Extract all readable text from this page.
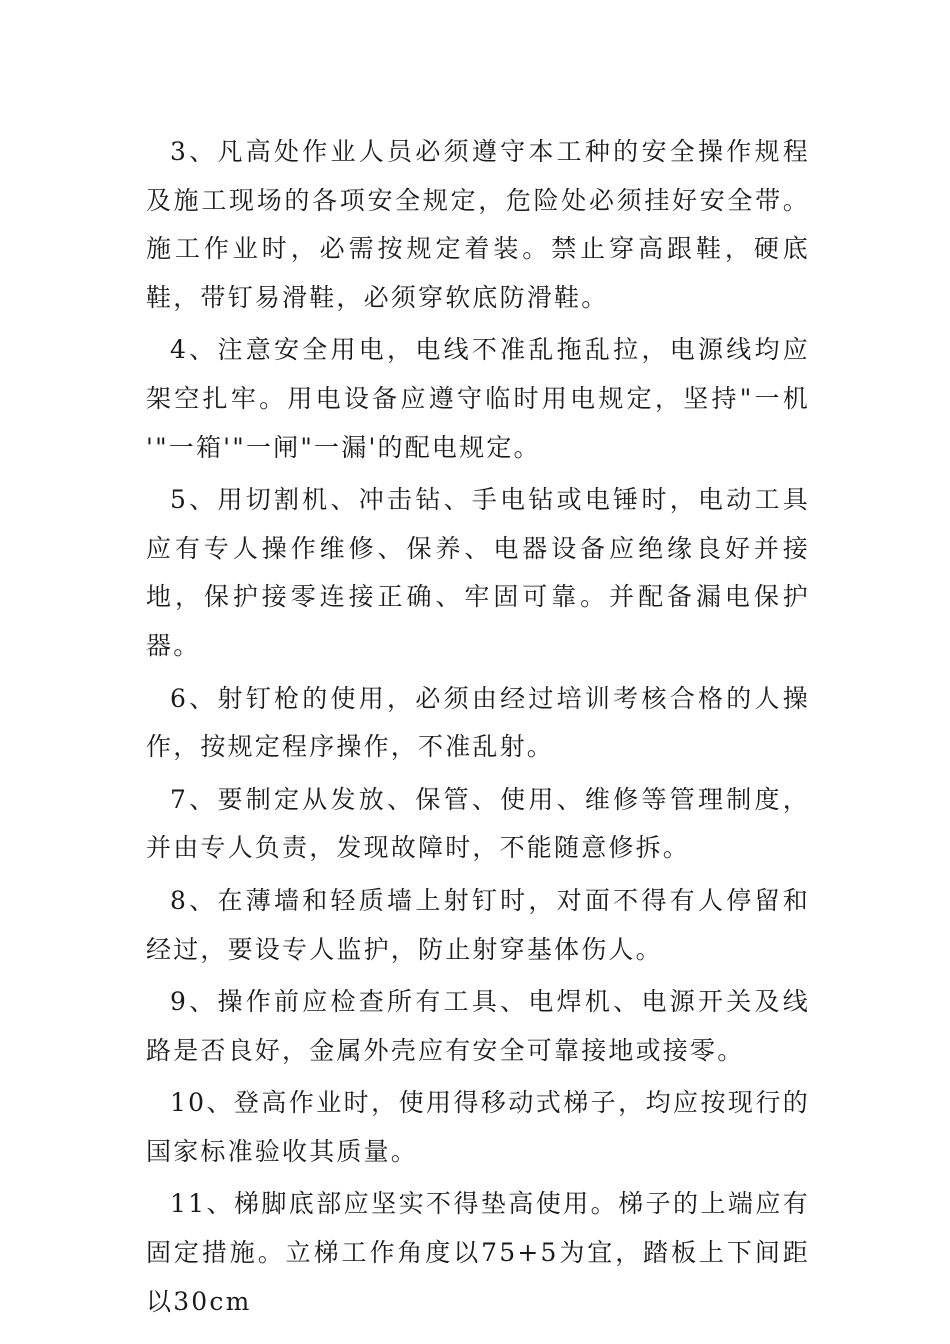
3、凡高处作业人员必须遵守本工种的安全操作规程及施工现场的各项安全规定，危险处必须挂好安全带。施工作业时，必需按规定着装。禁止穿高跟鞋，硬底鞋，带钉易滑鞋，必须穿软底防滑鞋。

4、注意安全用电，电线不准乱拖乱拉，电源线均应架空扎牢。用电设备应遵守临时用电规定，坚持"一机 '"一箱'"一闸"一漏'的配电规定。

5、用切割机、冲击钻、手电钻或电锤时，电动工具应有专人操作维修、保养、电器设备应绝缘良好并接地，保护接零连接正确、牢固可靠。并配备漏电保护器。

6、射钉枪的使用，必须由经过培训考核合格的人操作，按规定程序操作，不准乱射。

7、要制定从发放、保管、使用、维修等管理制度，并由专人负责，发现故障时，不能随意修拆。

8、在薄墙和轻质墙上射钉时，对面不得有人停留和经过，要设专人监护，防止射穿基体伤人。

9、操作前应检查所有工具、电焊机、电源开关及线路是否良好，金属外壳应有安全可靠接地或接零。

10、登高作业时，使用得移动式梯子，均应按现行的国家标准验收其质量。

11、梯脚底部应坚实不得垫高使用。梯子的上端应有固定措施。立梯工作角度以75+5为宜，踏板上下间距以30cm
